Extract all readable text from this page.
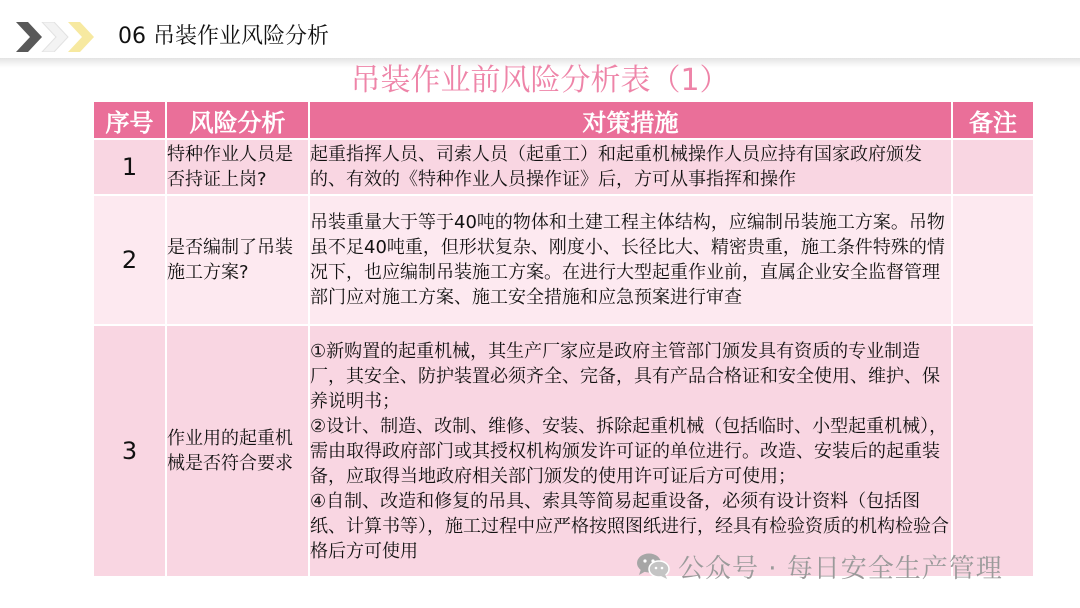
06 吊装作业风险分析
吊装作业前风险分析表（1）
序号	风险分析	对策措施	备注
1	特种作业人员是否持证上岗?	起重指挥人员、司索人员（起重工）和起重机械操作人员应持有国家政府颁发的、有效的《特种作业人员操作证》后，方可从事指挥和操作	
2	是否编制了吊装施工方案?	吊装重量大于等于40吨的物体和土建工程主体结构，应编制吊装施工方案。吊物虽不足40吨重，但形状复杂、刚度小、长径比大、精密贵重，施工条件特殊的情况下，也应编制吊装施工方案。在进行大型起重作业前，直属企业安全监督管理部门应对施工方案、施工安全措施和应急预案进行审查	
3	作业用的起重机械是否符合要求	①新购置的起重机械，其生产厂家应是政府主管部门颁发具有资质的专业制造厂，其安全、防护装置必须齐全、完备，具有产品合格证和安全使用、维护、保养说明书；
②设计、制造、改制、维修、安装、拆除起重机械（包括临时、小型起重机械），需由取得政府部门或其授权机构颁发许可证的单位进行。改造、安装后的起重装备，应取得当地政府相关部门颁发的使用许可证后方可使用；
④自制、改造和修复的吊具、索具等简易起重设备，必须有设计资料（包括图纸、计算书等），施工过程中应严格按照图纸进行，经具有检验资质的机构检验合格后方可使用	
公众号 · 每日安全生产管理
